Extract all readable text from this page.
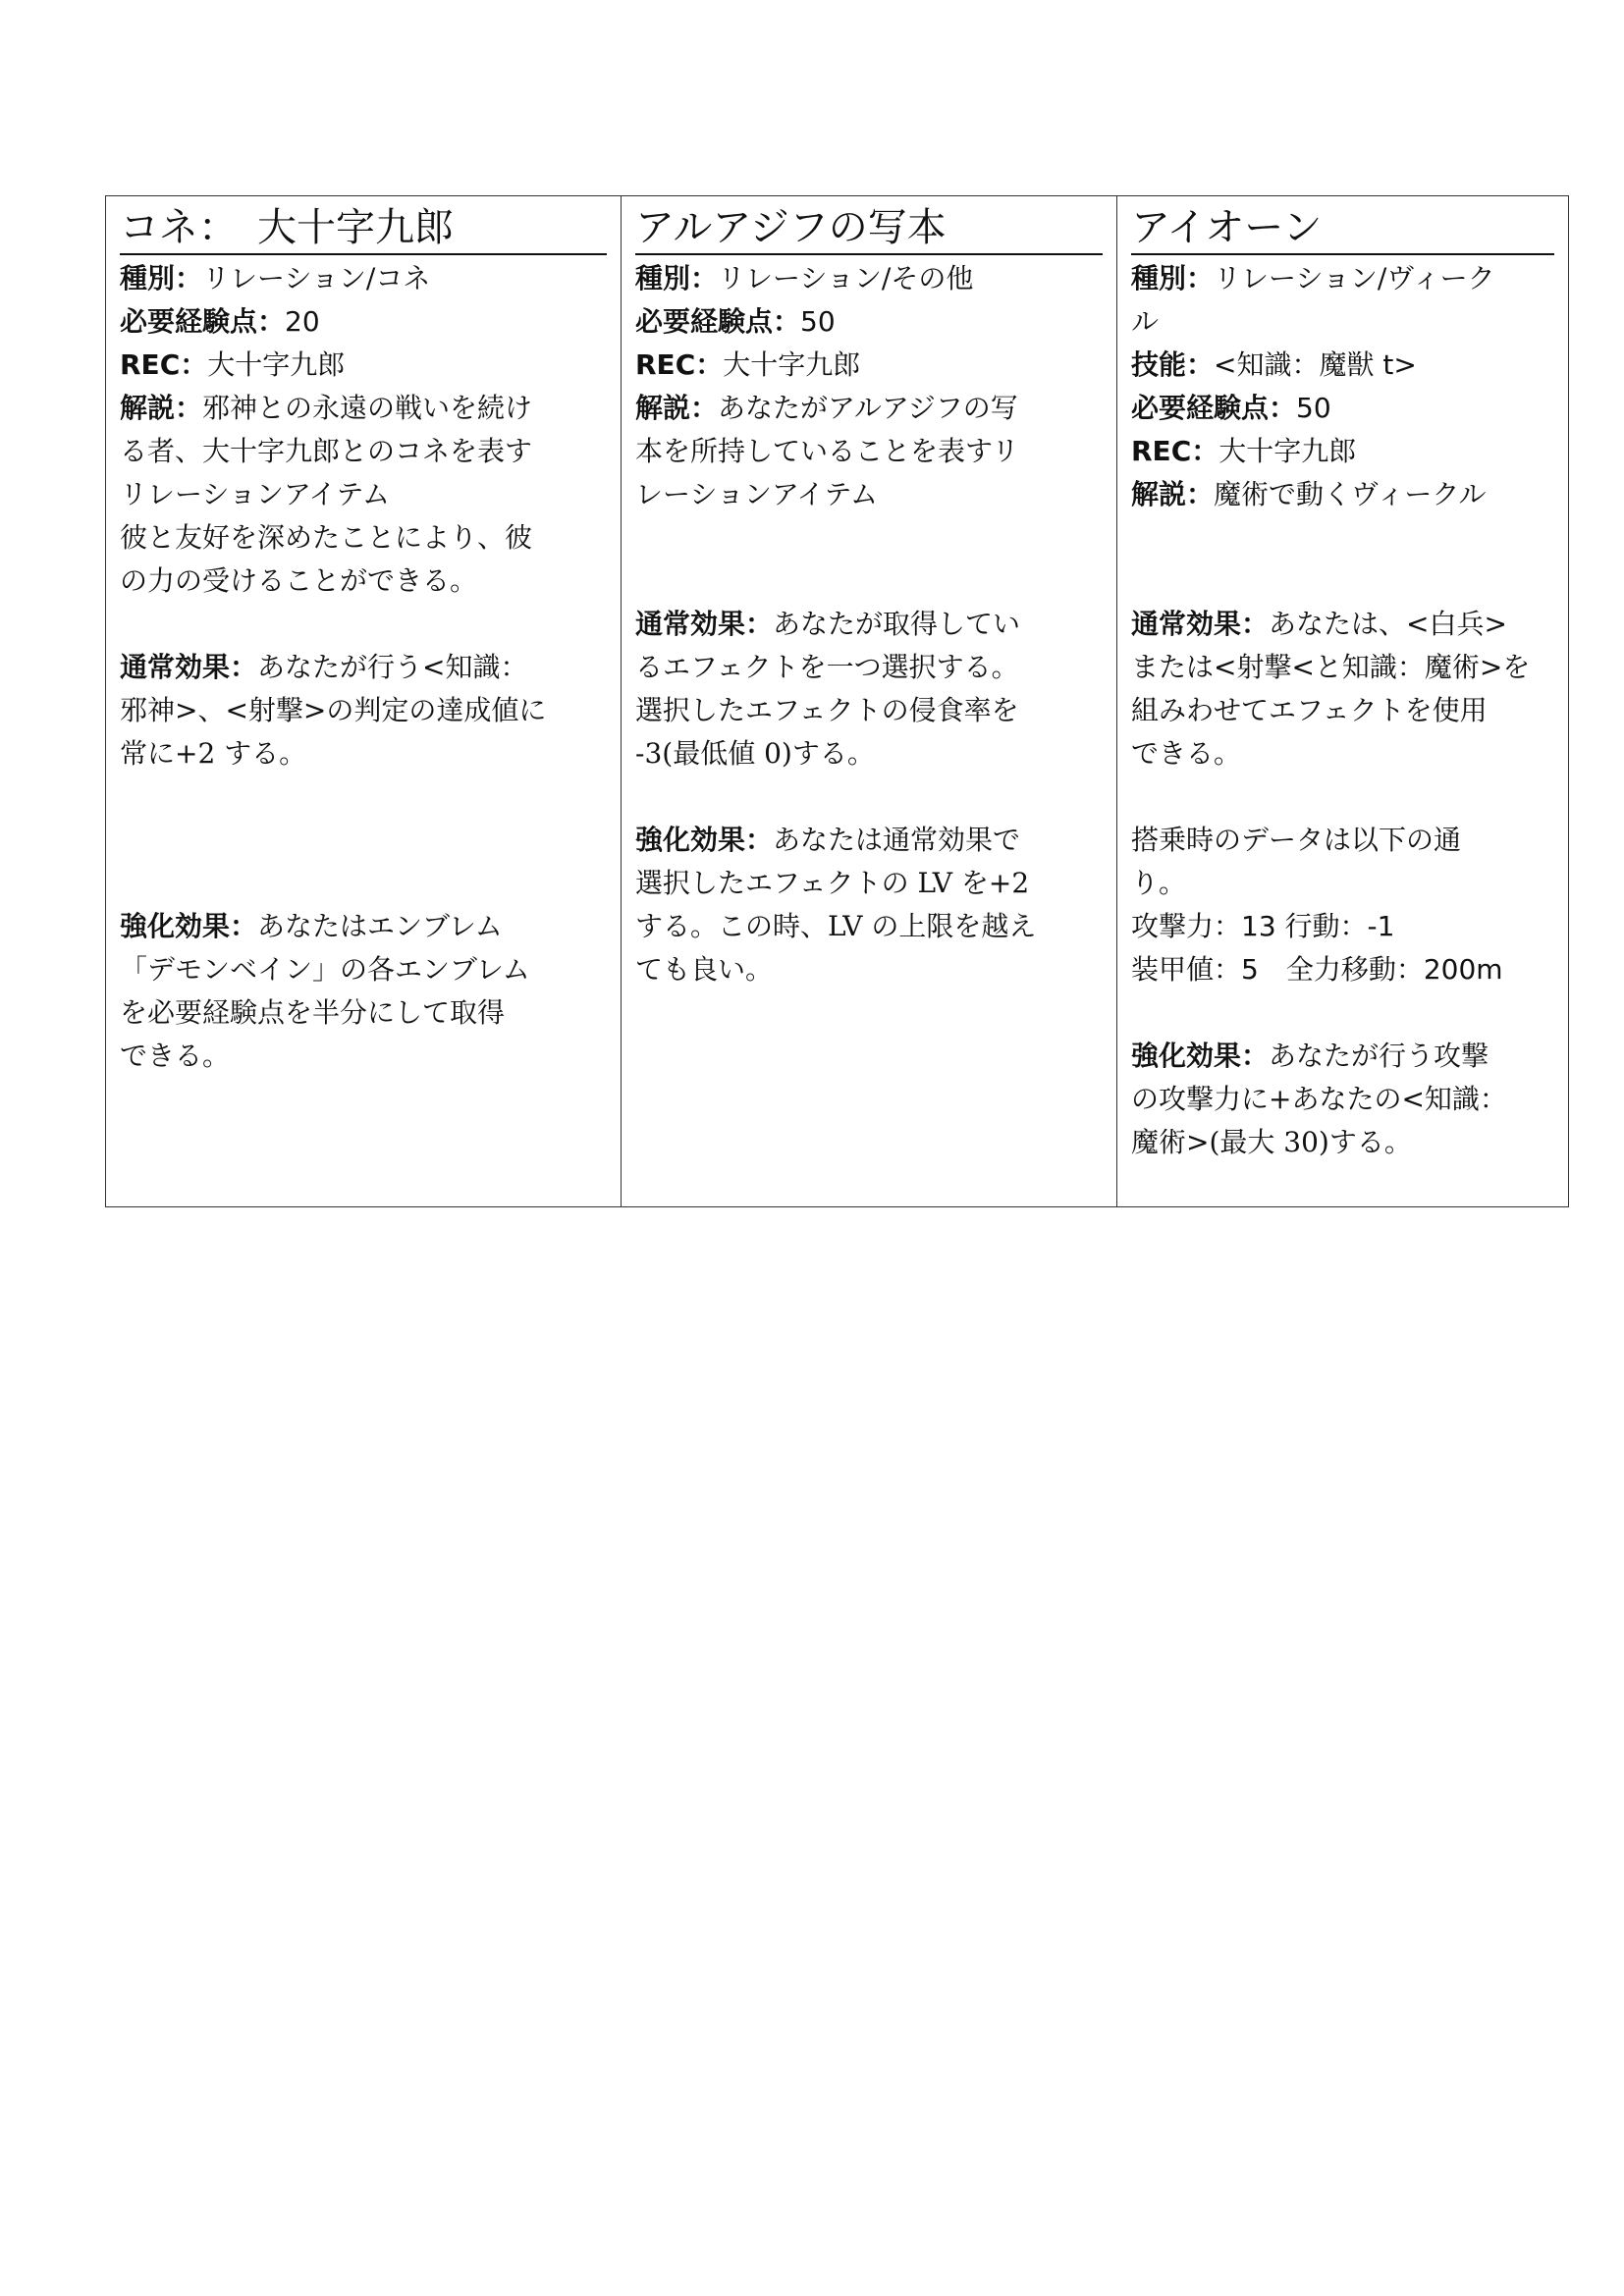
コネ：　大十字九郎

種別：リレーション/コネ

必要経験点：20

REC：大十字九郎

解説：邪神との永遠の戦いを続け

る者、大十字九郎とのコネを表す

リレーションアイテム

彼と友好を深めたことにより、彼

の力の受けることができる。

通常効果：あなたが行う<知識：

邪神>、<射撃>の判定の達成値に

常に+2 する。

強化効果：あなたはエンブレム

「デモンベイン」の各エンブレム

を必要経験点を半分にして取得

できる。

アルアジフの写本

種別：リレーション/その他

必要経験点：50

REC：大十字九郎

解説：あなたがアルアジフの写

本を所持していることを表すリ

レーションアイテム

通常効果：あなたが取得してい

るエフェクトを一つ選択する。

選択したエフェクトの侵食率を

-3(最低値 0)する。

強化効果：あなたは通常効果で

選択したエフェクトの LV を+2

する。この時、LV の上限を越え

ても良い。

アイオーン

種別：リレーション/ヴィーク

ル

技能：<知識：魔獣 t>

必要経験点：50

REC：大十字九郎

解説：魔術で動くヴィークル

通常効果：あなたは、<白兵>

または<射撃<と知識：魔術>を

組みわせてエフェクトを使用

できる。

搭乗時のデータは以下の通

り。

攻撃力：13 行動：-1

装甲値：5　全力移動：200m

強化効果：あなたが行う攻撃

の攻撃力に+あなたの<知識：

魔術>(最大 30)する。
